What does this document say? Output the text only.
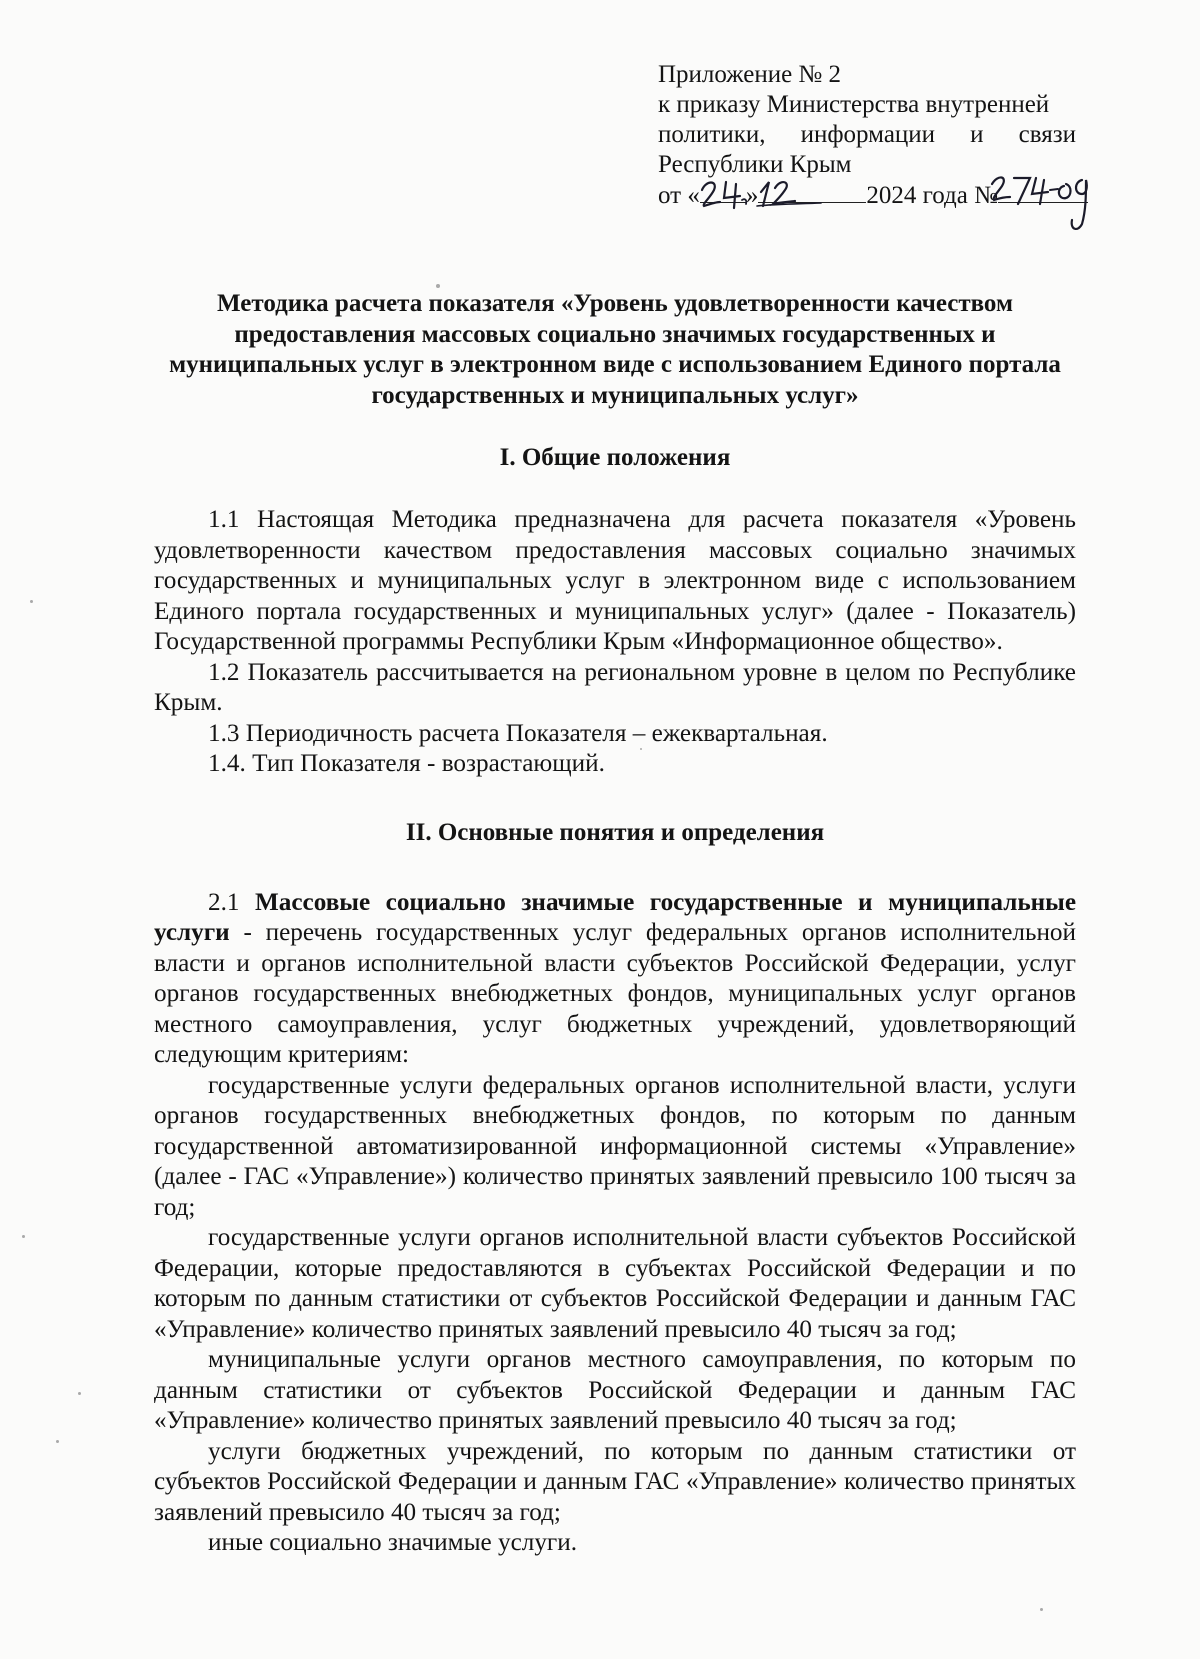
Приложение № 2
к приказу Министерства внутренней
политики, информации и связи
Республики Крым
от « »	2024 года №
Методика расчета показателя «Уровень удовлетворенности качеством предоставления массовых социально значимых государственных и муниципальных услуг в электронном виде с использованием Единого портала государственных и муниципальных услуг»
I. Общие положения

1.1 Настоящая Методика предназначена для расчета показателя «Уровень удовлетворенности качеством предоставления массовых социально значимых государственных и муниципальных услуг в электронном виде с использованием Единого портала государственных и муниципальных услуг» (далее - Показатель) Государственной программы Республики Крым «Информационное общество».

1.2 Показатель рассчитывается на региональном уровне в целом по Республике Крым.

1.3 Периодичность расчета Показателя – ежеквартальная.

1.4. Тип Показателя - возрастающий.

II. Основные понятия и определения

2.1 Массовые социально значимые государственные и муниципальные услуги - перечень государственных услуг федеральных органов исполнительной власти и органов исполнительной власти субъектов Российской Федерации, услуг органов государственных внебюджетных фондов, муниципальных услуг органов местного самоуправления, услуг бюджетных учреждений, удовлетворяющий следующим критериям:

государственные услуги федеральных органов исполнительной власти, услуги органов государственных внебюджетных фондов, по которым по данным государственной автоматизированной информационной системы «Управление» (далее - ГАС «Управление») количество принятых заявлений превысило 100 тысяч за год;

государственные услуги органов исполнительной власти субъектов Российской Федерации, которые предоставляются в субъектах Российской Федерации и по которым по данным статистики от субъектов Российской Федерации и данным ГАС «Управление» количество принятых заявлений превысило 40 тысяч за год;

муниципальные услуги органов местного самоуправления, по которым по данным статистики от субъектов Российской Федерации и данным ГАС «Управление» количество принятых заявлений превысило 40 тысяч за год;

услуги бюджетных учреждений, по которым по данным статистики от субъектов Российской Федерации и данным ГАС «Управление» количество принятых заявлений превысило 40 тысяч за год;

иные социально значимые услуги.
